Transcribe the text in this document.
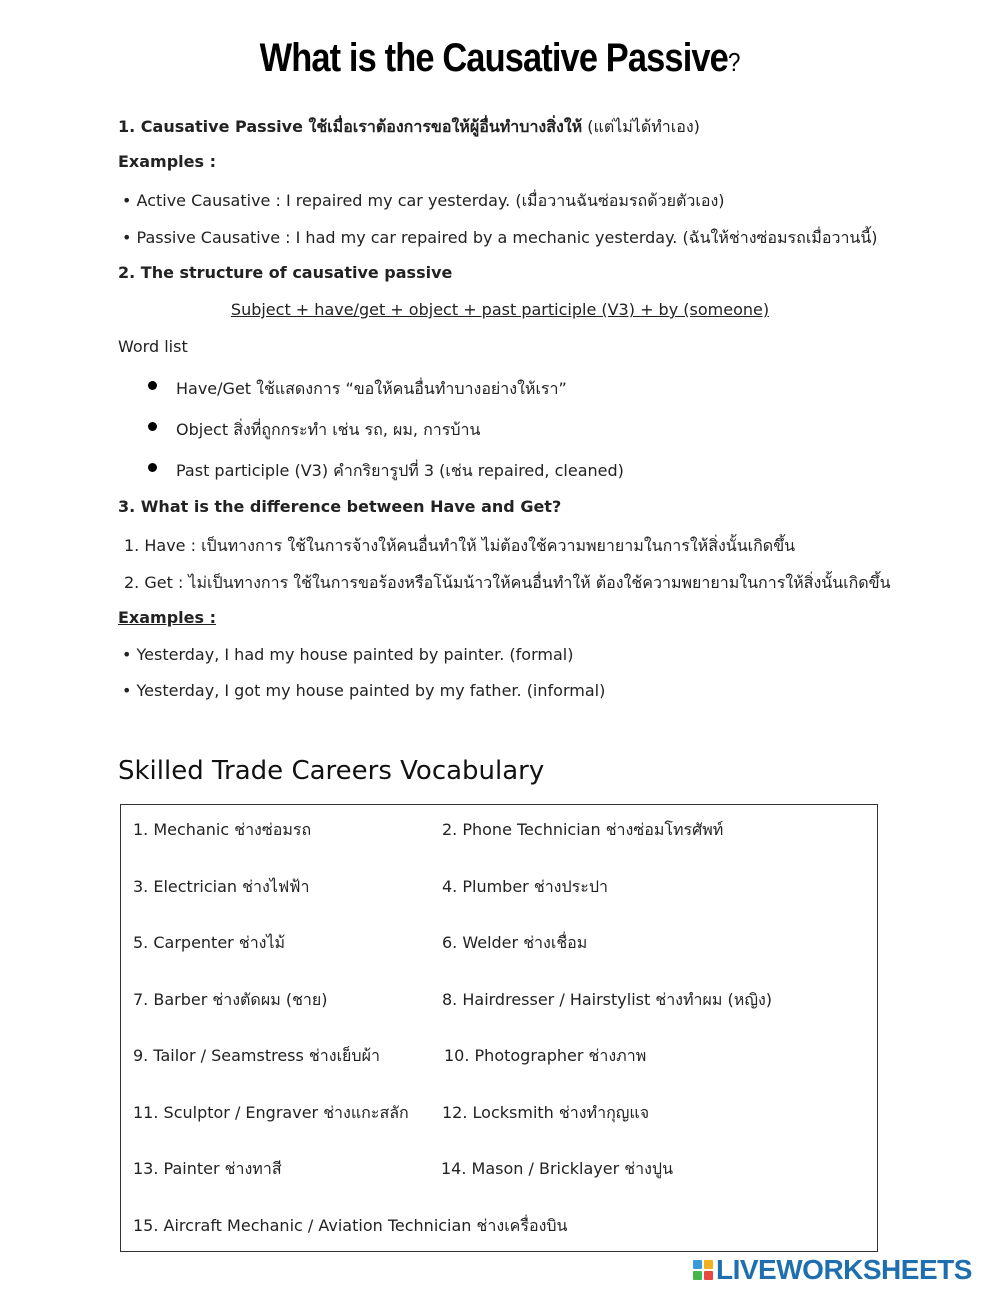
What is the Causative Passive?
1. Causative Passive ใช้เมื่อเราต้องการขอให้ผู้อื่นทำบางสิ่งให้ (แต่ไม่ได้ทำเอง)
Examples :
• Active Causative : I repaired my car yesterday. (เมื่อวานฉันซ่อมรถด้วยตัวเอง)
• Passive Causative : I had my car repaired by a mechanic yesterday. (ฉันให้ช่างซ่อมรถเมื่อวานนี้)
2. The structure of causative passive
Subject + have/get + object + past participle (V3) + by (someone)
Word list
Have/Get ใช้แสดงการ “ขอให้คนอื่นทำบางอย่างให้เรา”
Object สิ่งที่ถูกกระทำ เช่น รถ, ผม, การบ้าน
Past participle (V3) คำกริยารูปที่ 3 (เช่น repaired, cleaned)
3. What is the difference between Have and Get?
1. Have : เป็นทางการ ใช้ในการจ้างให้คนอื่นทำให้ ไม่ต้องใช้ความพยายามในการให้สิ่งนั้นเกิดขึ้น
2. Get : ไม่เป็นทางการ ใช้ในการขอร้องหรือโน้มน้าวให้คนอื่นทำให้ ต้องใช้ความพยายามในการให้สิ่งนั้นเกิดขึ้น
Examples :
• Yesterday, I had my house painted by painter. (formal)
• Yesterday, I got my house painted by my father. (informal)
Skilled Trade Careers Vocabulary
1. Mechanic ช่างซ่อมรถ	2. Phone Technician ช่างซ่อมโทรศัพท์
3. Electrician ช่างไฟฟ้า	4. Plumber ช่างประปา
5. Carpenter ช่างไม้	6. Welder ช่างเชื่อม
7. Barber ช่างตัดผม (ชาย)	8. Hairdresser / Hairstylist ช่างทำผม (หญิง)
9. Tailor / Seamstress ช่างเย็บผ้า	10. Photographer ช่างภาพ
11. Sculptor / Engraver ช่างแกะสลัก 12. Locksmith ช่างทำกุญแจ
13. Painter ช่างทาสี	14. Mason / Bricklayer ช่างปูน
15. Aircraft Mechanic / Aviation Technician ช่างเครื่องบิน
LIVEWORKSHEETS
